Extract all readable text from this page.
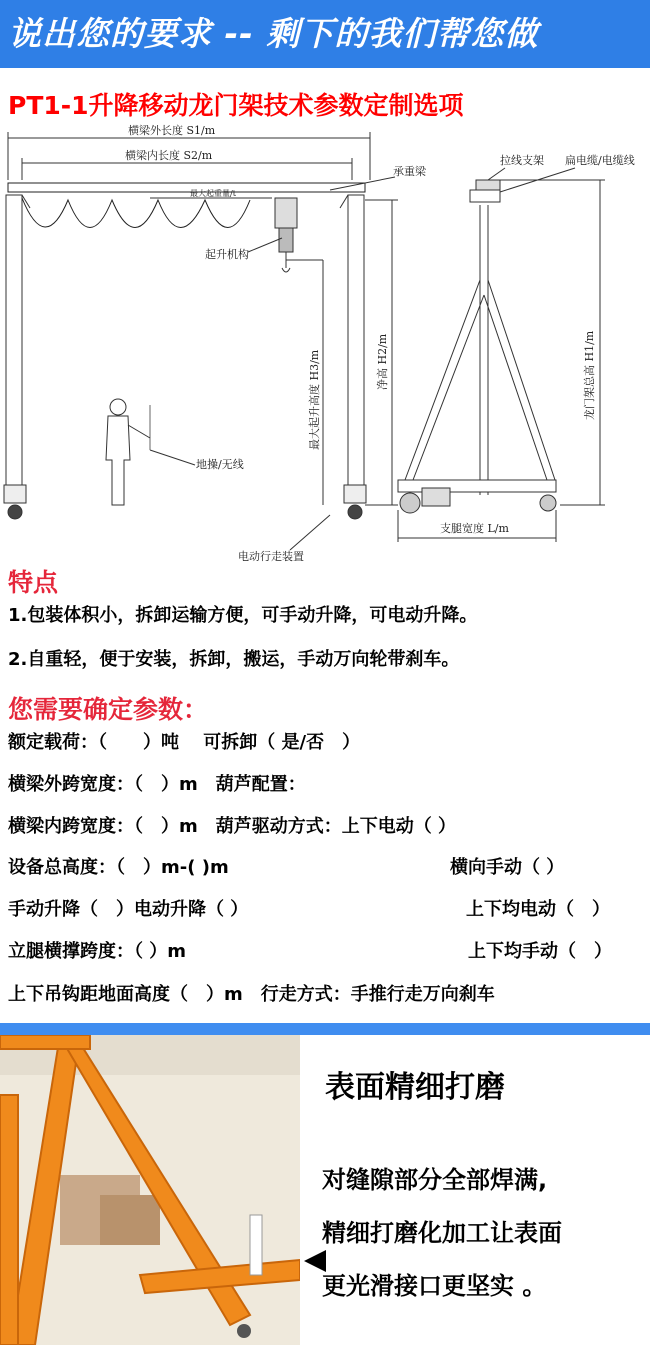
说出您的要求 -- 剩下的我们帮您做
PT1-1升降移动龙门架技术参数定制选项
横梁外长度 S1/m
横梁内长度 S2/m
最大起重量/t
承重梁
起升机构
最大起升高度 H3/m	净高 H2/m
地操/无线
电动行走装置
拉线支架 扁电缆/电缆线
龙门架总高 H1/m
支腿宽度 L/m
特点
1.包装体积小，拆卸运输方便，可手动升降，可电动升降。
2.自重轻，便于安装，拆卸，搬运，手动万向轮带刹车。
您需要确定参数：
额定载荷：（　　）吨　 可拆卸（ 是/否　）
横梁外跨宽度：（　）m　葫芦配置：
横梁内跨宽度：（　）m　葫芦驱动方式：上下电动（ ）
设备总高度：（　）m-( )m	横向手动（ ）
手动升降（　）电动升降（ ）	上下均电动（　）
立腿横撑跨度：（ ）m	上下均手动（　）
上下吊钩距地面高度（　）m　行走方式：手推行走万向刹车
表面精细打磨
对缝隙部分全部焊满,
精细打磨化加工让表面
更光滑接口更坚实 。
